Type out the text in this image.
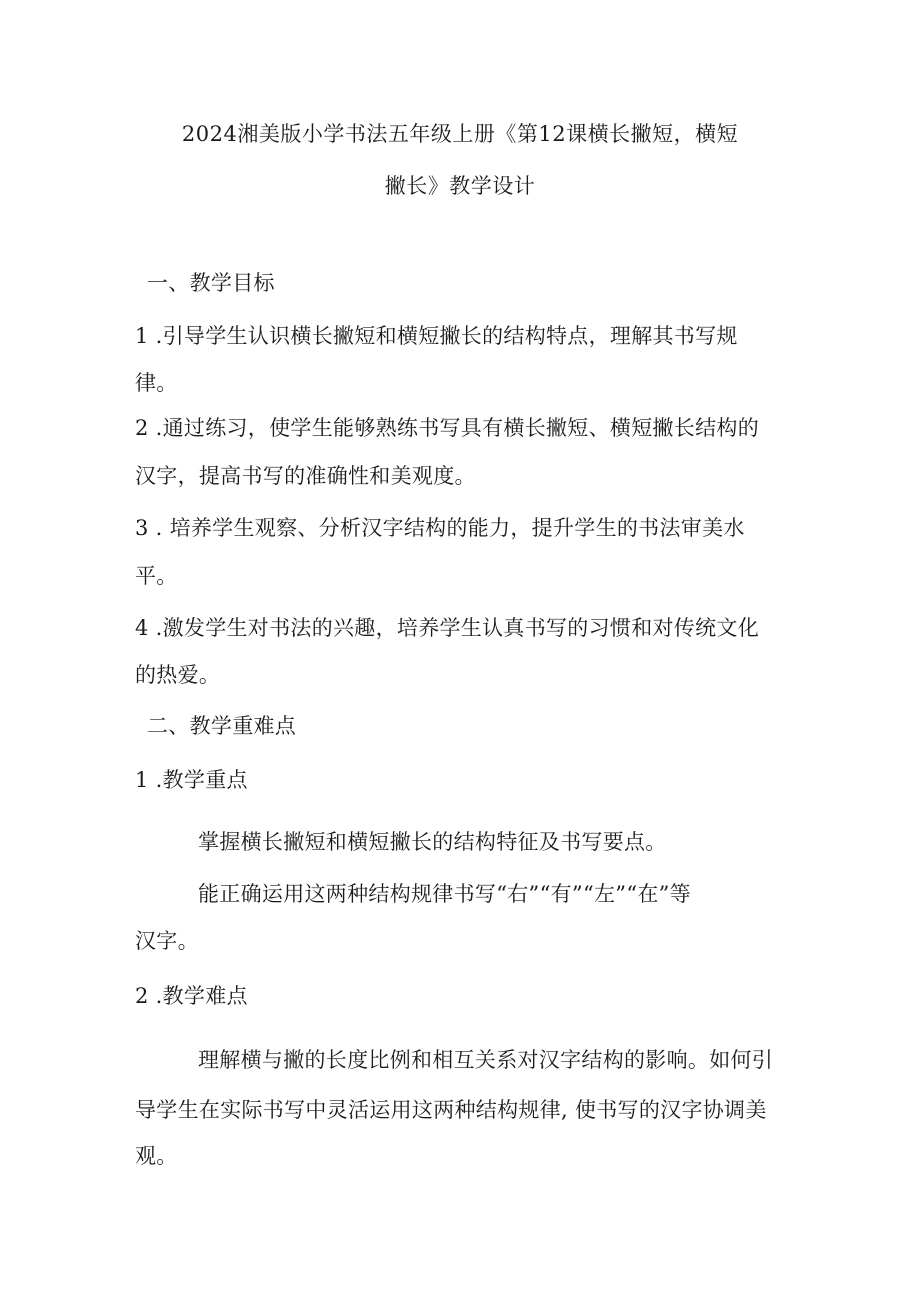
2024湘美版小学书法五年级上册《第12课横长撇短，横短
撇长》教学设计
一、教学目标
1 .引导学生认识横长撇短和横短撇长的结构特点，理解其书写规
律。
2 .通过练习，使学生能够熟练书写具有横长撇短、横短撇长结构的
汉字，提高书写的准确性和美观度。
3 . 培养学生观察、分析汉字结构的能力，提升学生的书法审美水
平。
4 .激发学生对书法的兴趣，培养学生认真书写的习惯和对传统文化
的热爱。
二、教学重难点
1 .教学重点
掌握横长撇短和横短撇长的结构特征及书写要点。
能正确运用这两种结构规律书写“右”“有”“左”“在”等
汉字。
2 .教学难点
理解横与撇的长度比例和相互关系对汉字结构的影响。如何引
导学生在实际书写中灵活运用这两种结构规律, 使书写的汉字协调美
观。
